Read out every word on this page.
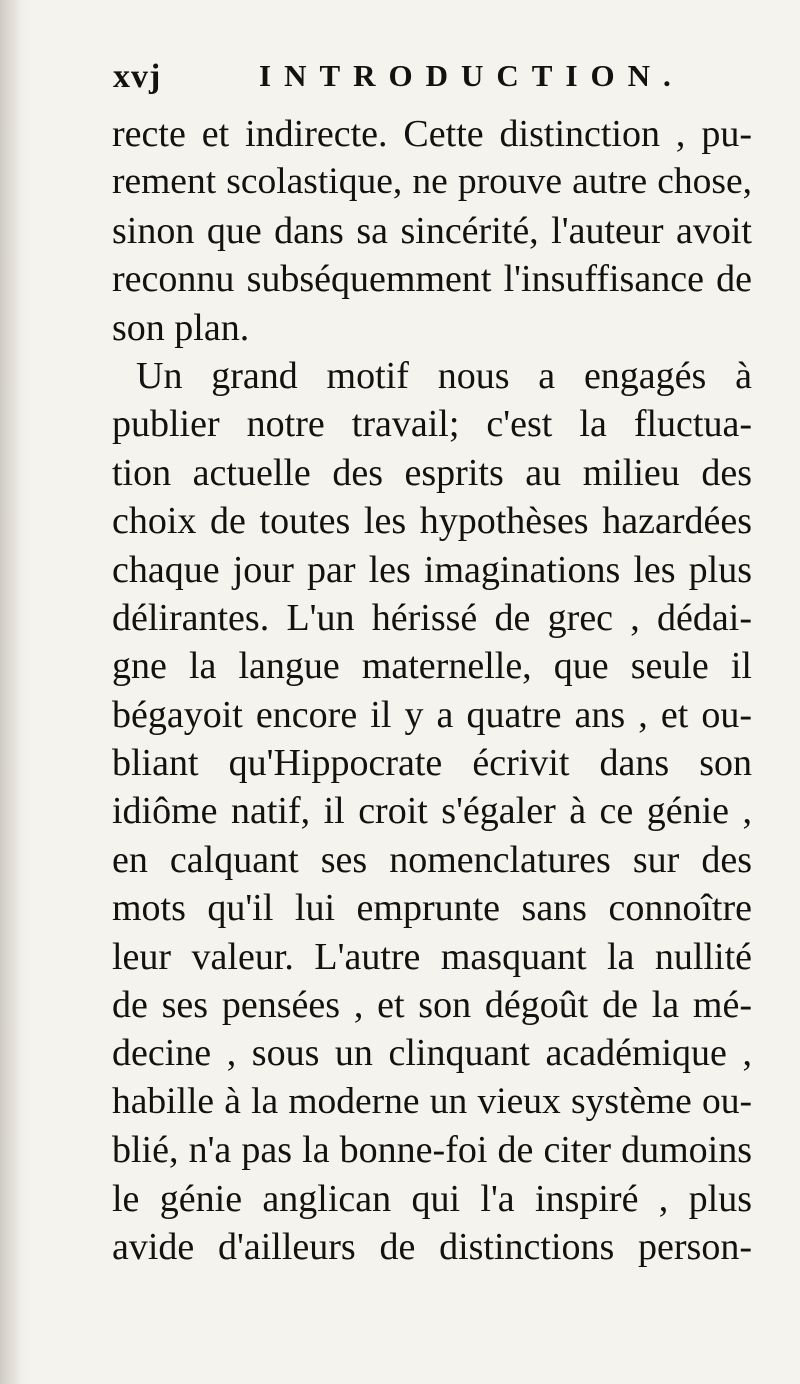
xvj	INTRODUCTION.
recte et indirecte. Cette distinction , pu-
rement scolastique, ne prouve autre chose,
sinon que dans sa sincérité, l'auteur avoit
reconnu subséquemment l'insuffisance de
son plan.
Un grand motif nous a engagés à
publier notre travail; c'est la fluctua-
tion actuelle des esprits au milieu des
choix de toutes les hypothèses hazardées
chaque jour par les imaginations les plus
délirantes. L'un hérissé de grec , dédai-
gne la langue maternelle, que seule il
bégayoit encore il y a quatre ans , et ou-
bliant qu'Hippocrate écrivit dans son
idiôme natif, il croit s'égaler à ce génie ,
en calquant ses nomenclatures sur des
mots qu'il lui emprunte sans connoître
leur valeur. L'autre masquant la nullité
de ses pensées , et son dégoût de la mé-
decine , sous un clinquant académique ,
habille à la moderne un vieux système ou-
blié, n'a pas la bonne-foi de citer dumoins
le génie anglican qui l'a inspiré , plus
avide d'ailleurs de distinctions person-
